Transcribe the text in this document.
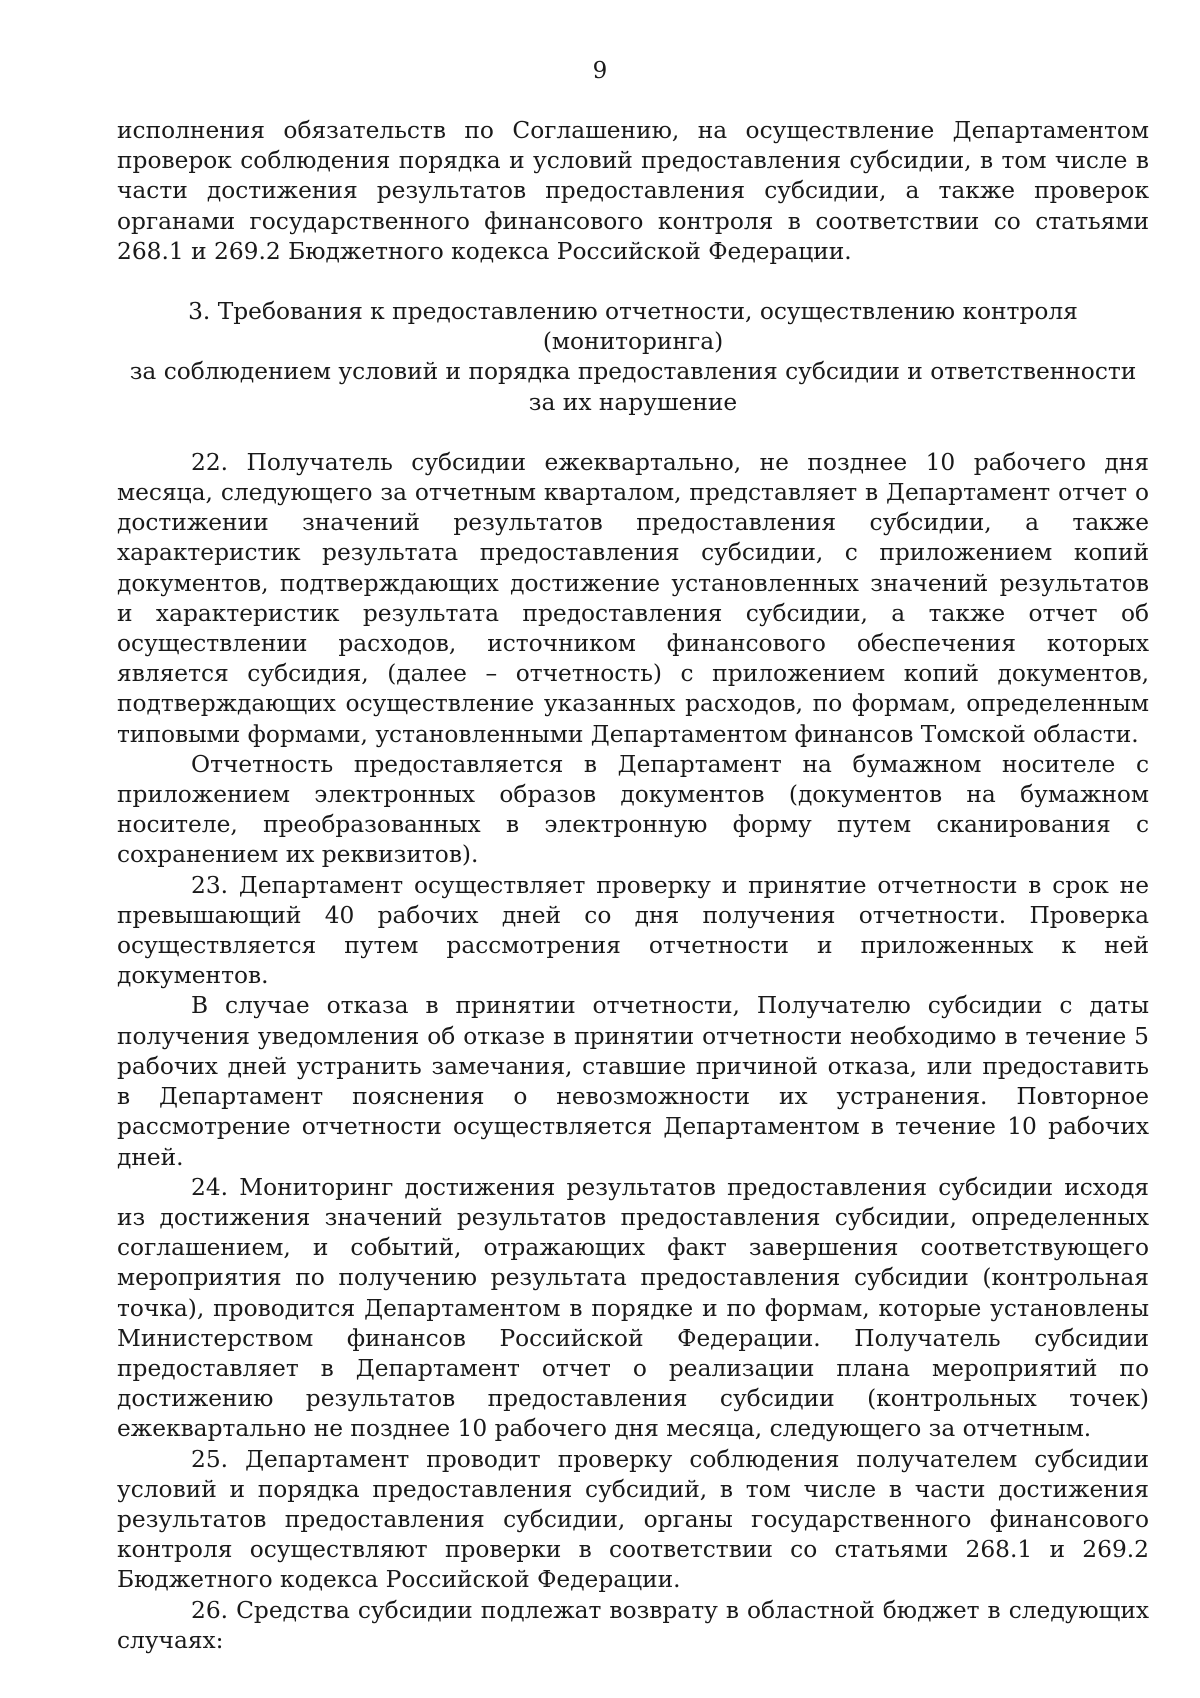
9

исполнения обязательств по Соглашению, на осуществление Департаментом проверок соблюдения порядка и условий предоставления субсидии, в том числе в части достижения результатов предоставления субсидии, а также проверок органами государственного финансового контроля в соответствии со статьями 268.1 и 269.2 Бюджетного кодекса Российской Федерации.

3. Требования к предоставлению отчетности, осуществлению контроля (мониторинга)
за соблюдением условий и порядка предоставления субсидии и ответственности
за их нарушение

22. Получатель субсидии ежеквартально, не позднее 10 рабочего дня месяца, следующего за отчетным кварталом, представляет в Департамент отчет о достижении значений результатов предоставления субсидии, а также характеристик результата предоставления субсидии, с приложением копий документов, подтверждающих достижение установленных значений результатов и характеристик результата предоставления субсидии, а также отчет об осуществлении расходов, источником финансового обеспечения которых является субсидия, (далее – отчетность) с приложением копий документов, подтверждающих осуществление указанных расходов, по формам, определенным типовыми формами, установленными Департаментом финансов Томской области.

Отчетность предоставляется в Департамент на бумажном носителе с приложением электронных образов документов (документов на бумажном носителе, преобразованных в электронную форму путем сканирования с сохранением их реквизитов).

23. Департамент осуществляет проверку и принятие отчетности в срок не превышающий 40 рабочих дней со дня получения отчетности. Проверка осуществляется путем рассмотрения отчетности и приложенных к ней документов.

В случае отказа в принятии отчетности, Получателю субсидии с даты получения уведомления об отказе в принятии отчетности необходимо в течение 5 рабочих дней устранить замечания, ставшие причиной отказа, или предоставить в Департамент пояснения о невозможности их устранения. Повторное рассмотрение отчетности осуществляется Департаментом в течение 10 рабочих дней.

24. Мониторинг достижения результатов предоставления субсидии исходя из достижения значений результатов предоставления субсидии, определенных соглашением, и событий, отражающих факт завершения соответствующего мероприятия по получению результата предоставления субсидии (контрольная точка), проводится Департаментом в порядке и по формам, которые установлены Министерством финансов Российской Федерации. Получатель субсидии предоставляет в Департамент отчет о реализации плана мероприятий по достижению результатов предоставления субсидии (контрольных точек) ежеквартально не позднее 10 рабочего дня месяца, следующего за отчетным.

25. Департамент проводит проверку соблюдения получателем субсидии условий и порядка предоставления субсидий, в том числе в части достижения результатов предоставления субсидии, органы государственного финансового контроля осуществляют проверки в соответствии со статьями 268.1 и 269.2 Бюджетного кодекса Российской Федерации.

26. Средства субсидии подлежат возврату в областной бюджет в следующих случаях:
